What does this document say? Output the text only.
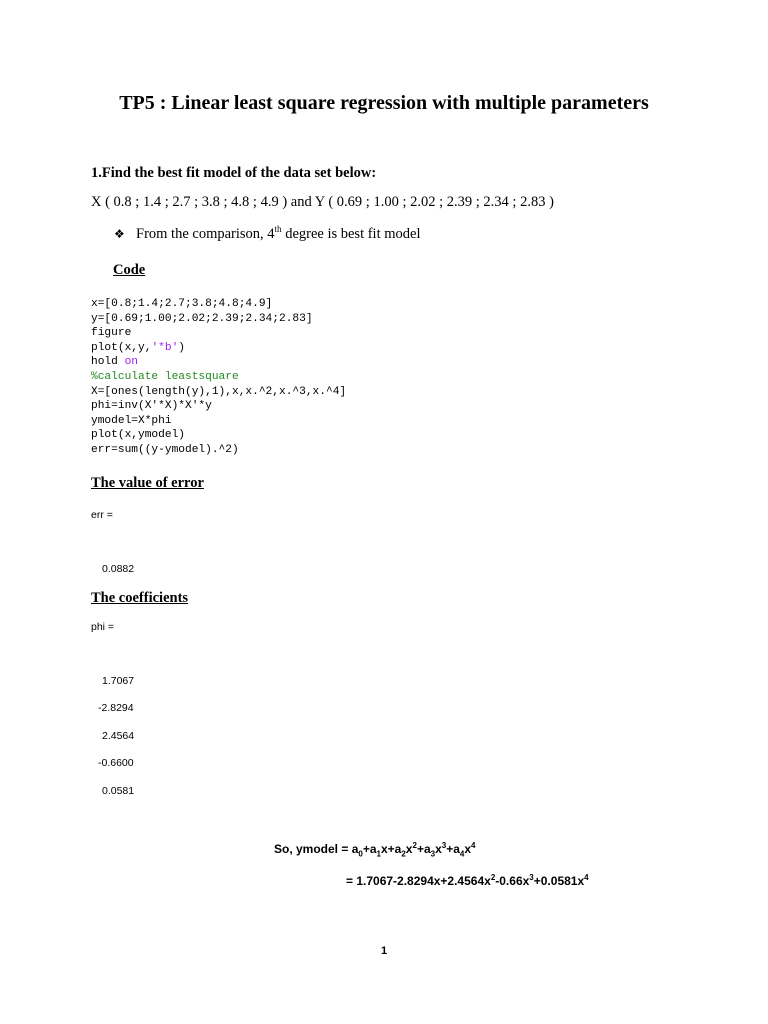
TP5 : Linear least square regression with multiple parameters
1.Find the best fit model of the data set below:
X ( 0.8 ; 1.4 ; 2.7 ; 3.8 ; 4.8 ; 4.9 ) and Y ( 0.69 ; 1.00 ; 2.02 ; 2.39 ; 2.34 ; 2.83 )
❖ From the comparison, 4th degree is best fit model
Code
x=[0.8;1.4;2.7;3.8;4.8;4.9]
y=[0.69;1.00;2.02;2.39;2.34;2.83]
figure
plot(x,y,'*b')
hold on
%calculate leastsquare
X=[ones(length(y),1),x,x.^2,x.^3,x.^4]
phi=inv(X'*X)*X'*y
ymodel=X*phi
plot(x,ymodel)
err=sum((y-ymodel).^2)
The value of error
err =
0.0882
The coefficients
phi =
1.7067
-2.8294
2.4564
-0.6600
0.0581
So, ymodel = $a_0+a_1x+a_2x^2+a_3x^3+a_4x^4$
= $1.7067-2.8294x+2.4564x^2-0.66x^3+0.0581x^4$
1
